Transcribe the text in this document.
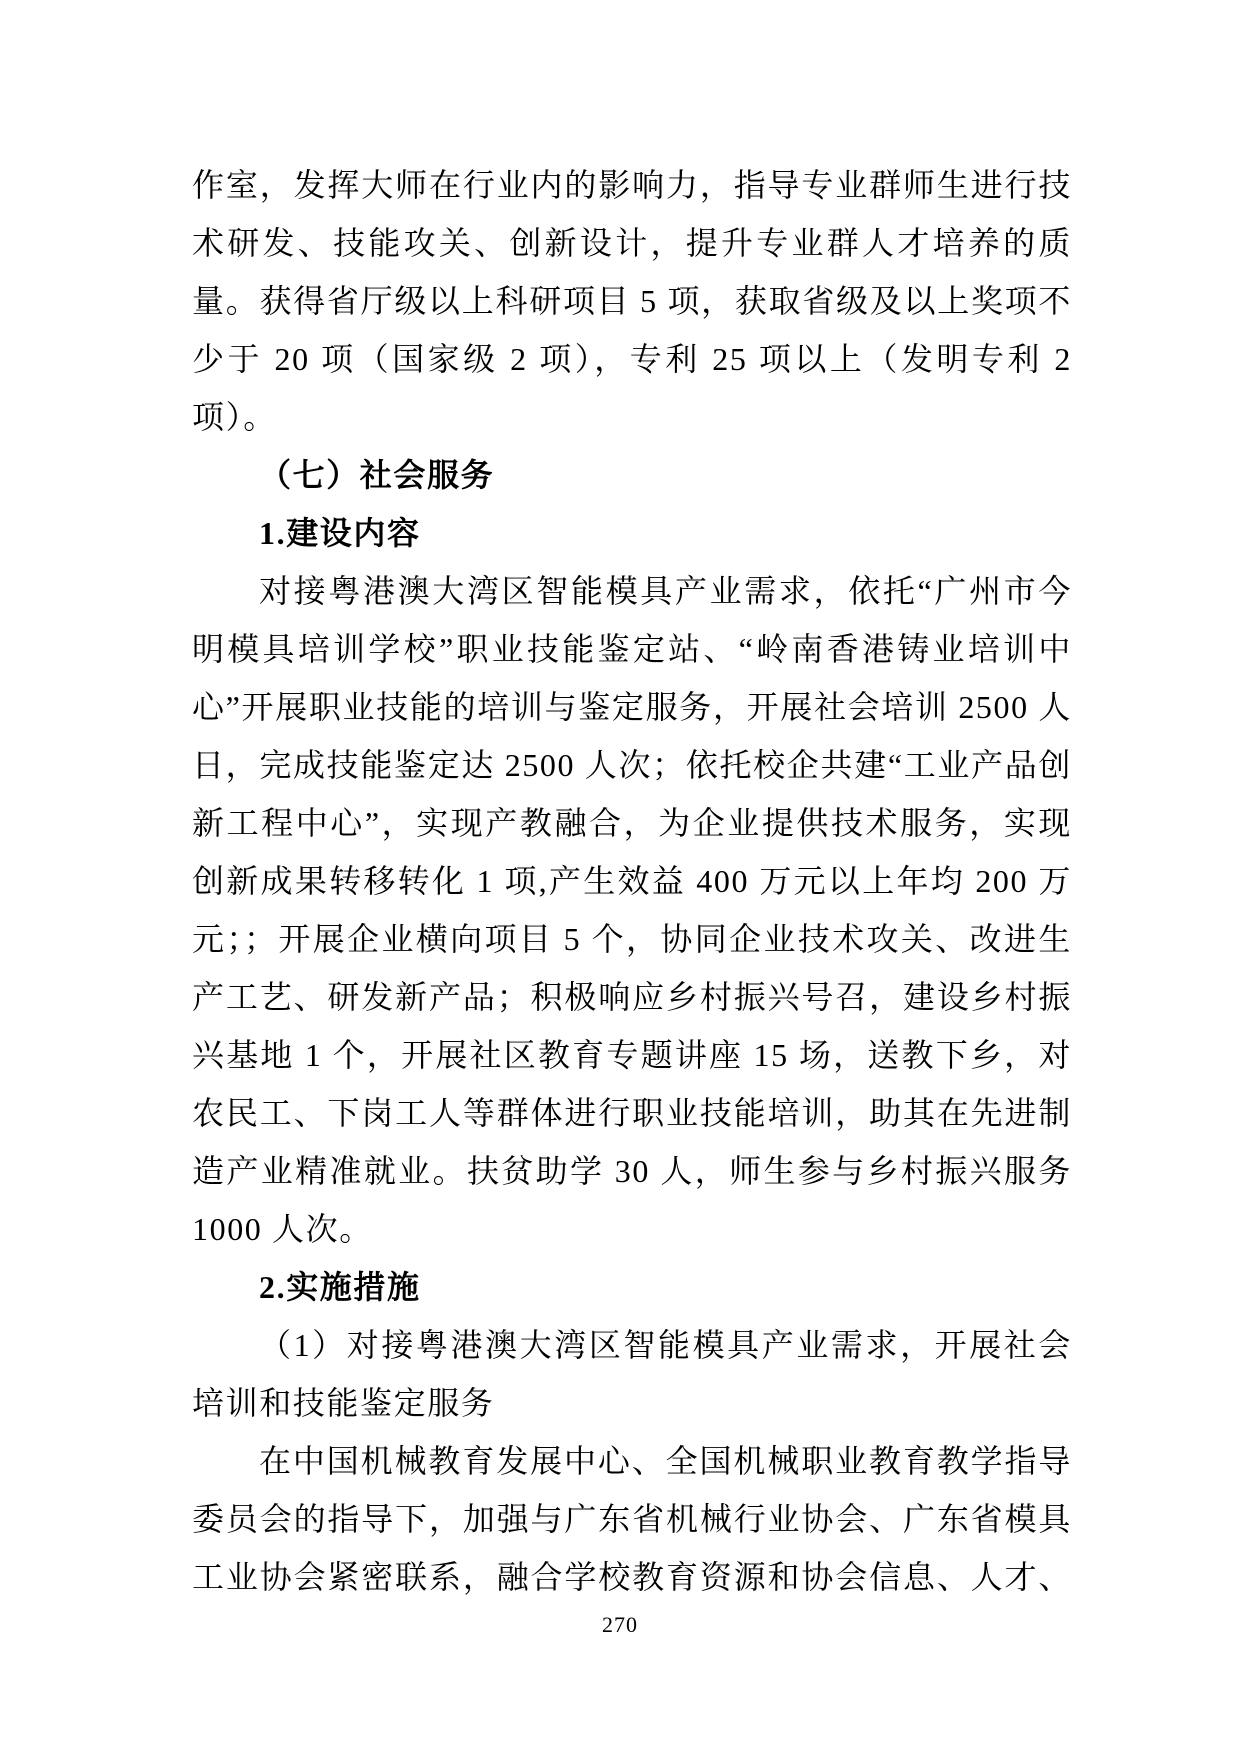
作室，发挥大师在行业内的影响力，指导专业群师生进行技术研发、技能攻关、创新设计，提升专业群人才培养的质量。获得省厅级以上科研项目 5 项，获取省级及以上奖项不少于 20 项（国家级 2 项），专利 25 项以上（发明专利 2 项）。

（七）社会服务

1.建设内容

对接粤港澳大湾区智能模具产业需求，依托“广州市今明模具培训学校”职业技能鉴定站、“岭南香港铸业培训中心”开展职业技能的培训与鉴定服务，开展社会培训 2500 人日，完成技能鉴定达 2500 人次；依托校企共建“工业产品创新工程中心”，实现产教融合，为企业提供技术服务，实现创新成果转移转化 1 项,产生效益 400 万元以上年均 200 万元；；开展企业横向项目 5 个，协同企业技术攻关、改进生产工艺、研发新产品；积极响应乡村振兴号召，建设乡村振兴基地 1 个，开展社区教育专题讲座 15 场，送教下乡，对农民工、下岗工人等群体进行职业技能培训，助其在先进制造产业精准就业。扶贫助学 30 人，师生参与乡村振兴服务 1000 人次。

2.实施措施

（1）对接粤港澳大湾区智能模具产业需求，开展社会培训和技能鉴定服务

在中国机械教育发展中心、全国机械职业教育教学指导委员会的指导下，加强与广东省机械行业协会、广东省模具工业协会紧密联系，融合学校教育资源和协会信息、人才、

270
